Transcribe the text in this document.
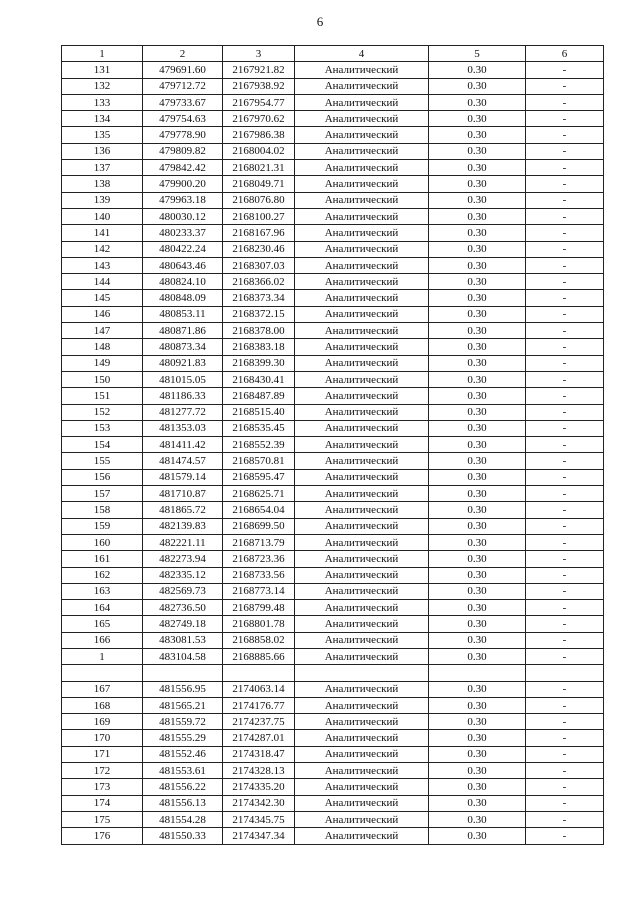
6
1	2	3	4	5	6
131	479691.60	2167921.82	Аналитический	0.30	-
132	479712.72	2167938.92	Аналитический	0.30	-
133	479733.67	2167954.77	Аналитический	0.30	-
134	479754.63	2167970.62	Аналитический	0.30	-
135	479778.90	2167986.38	Аналитический	0.30	-
136	479809.82	2168004.02	Аналитический	0.30	-
137	479842.42	2168021.31	Аналитический	0.30	-
138	479900.20	2168049.71	Аналитический	0.30	-
139	479963.18	2168076.80	Аналитический	0.30	-
140	480030.12	2168100.27	Аналитический	0.30	-
141	480233.37	2168167.96	Аналитический	0.30	-
142	480422.24	2168230.46	Аналитический	0.30	-
143	480643.46	2168307.03	Аналитический	0.30	-
144	480824.10	2168366.02	Аналитический	0.30	-
145	480848.09	2168373.34	Аналитический	0.30	-
146	480853.11	2168372.15	Аналитический	0.30	-
147	480871.86	2168378.00	Аналитический	0.30	-
148	480873.34	2168383.18	Аналитический	0.30	-
149	480921.83	2168399.30	Аналитический	0.30	-
150	481015.05	2168430.41	Аналитический	0.30	-
151	481186.33	2168487.89	Аналитический	0.30	-
152	481277.72	2168515.40	Аналитический	0.30	-
153	481353.03	2168535.45	Аналитический	0.30	-
154	481411.42	2168552.39	Аналитический	0.30	-
155	481474.57	2168570.81	Аналитический	0.30	-
156	481579.14	2168595.47	Аналитический	0.30	-
157	481710.87	2168625.71	Аналитический	0.30	-
158	481865.72	2168654.04	Аналитический	0.30	-
159	482139.83	2168699.50	Аналитический	0.30	-
160	482221.11	2168713.79	Аналитический	0.30	-
161	482273.94	2168723.36	Аналитический	0.30	-
162	482335.12	2168733.56	Аналитический	0.30	-
163	482569.73	2168773.14	Аналитический	0.30	-
164	482736.50	2168799.48	Аналитический	0.30	-
165	482749.18	2168801.78	Аналитический	0.30	-
166	483081.53	2168858.02	Аналитический	0.30	-
1	483104.58	2168885.66	Аналитический	0.30	-

167	481556.95	2174063.14	Аналитический	0.30	-
168	481565.21	2174176.77	Аналитический	0.30	-
169	481559.72	2174237.75	Аналитический	0.30	-
170	481555.29	2174287.01	Аналитический	0.30	-
171	481552.46	2174318.47	Аналитический	0.30	-
172	481553.61	2174328.13	Аналитический	0.30	-
173	481556.22	2174335.20	Аналитический	0.30	-
174	481556.13	2174342.30	Аналитический	0.30	-
175	481554.28	2174345.75	Аналитический	0.30	-
176	481550.33	2174347.34	Аналитический	0.30	-
